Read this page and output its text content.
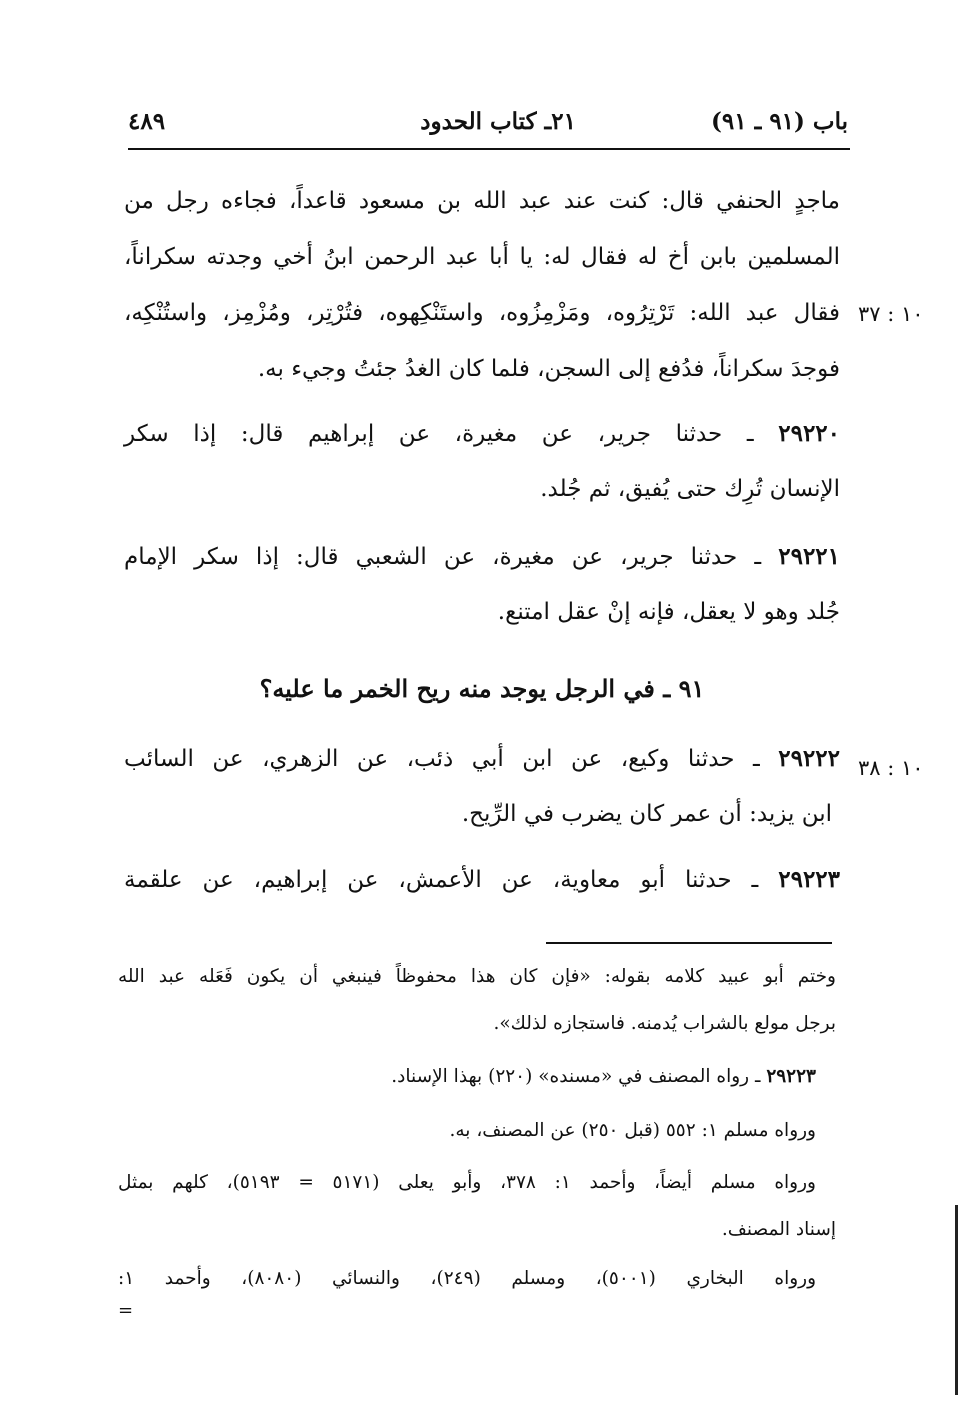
باب (٩١ ـ ٩١)
٢١ـ كتاب الحدود
٤٨٩
ماجدٍ الحنفي قال: كنت عند عبد الله بن مسعود قاعداً، فجاءه رجل من
المسلمين بابن أخ له فقال له: يا أبا عبد الرحمن ابنُ أخي وجدته سكراناً،
فقال عبد الله: تَرْتِرُوه، ومَزْمِزُوه، واستَنْكِهوه، فتُرْتِر، ومُزْمِز، واستُنْكِه،
فوجدَ سكراناً، فدُفع إلى السجن، فلما كان الغدُ جئتُ وجيء به.
١٠ : ٣٧
٢٩٢٢٠ ـ حدثنا جرير، عن مغيرة، عن إبراهيم قال: إذا سكر
الإنسان تُرِك حتى يُفيق، ثم جُلد.
٢٩٢٢١ ـ حدثنا جرير، عن مغيرة، عن الشعبي قال: إذا سكر الإمام
جُلد وهو لا يعقل، فإنه إنْ عقل امتنع.
٩١ ـ في الرجل يوجد منه ريح الخمر ما عليه؟
٢٩٢٢٢ ـ حدثنا وكيع، عن ابن أبي ذئب، عن الزهري، عن السائب	١٠ : ٣٨
ابن يزيد: أن عمر كان يضرب في الرِّيح.
٢٩٢٢٣ ـ حدثنا أبو معاوية، عن الأعمش، عن إبراهيم، عن علقمة
وختم أبو عبيد كلامه بقوله: «فإن كان هذا محفوظاً فينبغي أن يكون فَعَله عبد الله
برجل مولع بالشراب يُدمنه. فاستجازه لذلك».
٢٩٢٢٣ ـ رواه المصنف في «مسنده» (٢٢٠) بهذا الإسناد.
ورواه مسلم ١: ٥٥٢ (قبل ٢٥٠) عن المصنف، به.
ورواه مسلم أيضاً، وأحمد ١: ٣٧٨، وأبو يعلى (٥١٧١ = ٥١٩٣)، كلهم بمثل
إسناد المصنف.
ورواه البخاري (٥٠٠١)، ومسلم (٢٤٩)، والنسائي (٨٠٨٠)، وأحمد ١:
=
